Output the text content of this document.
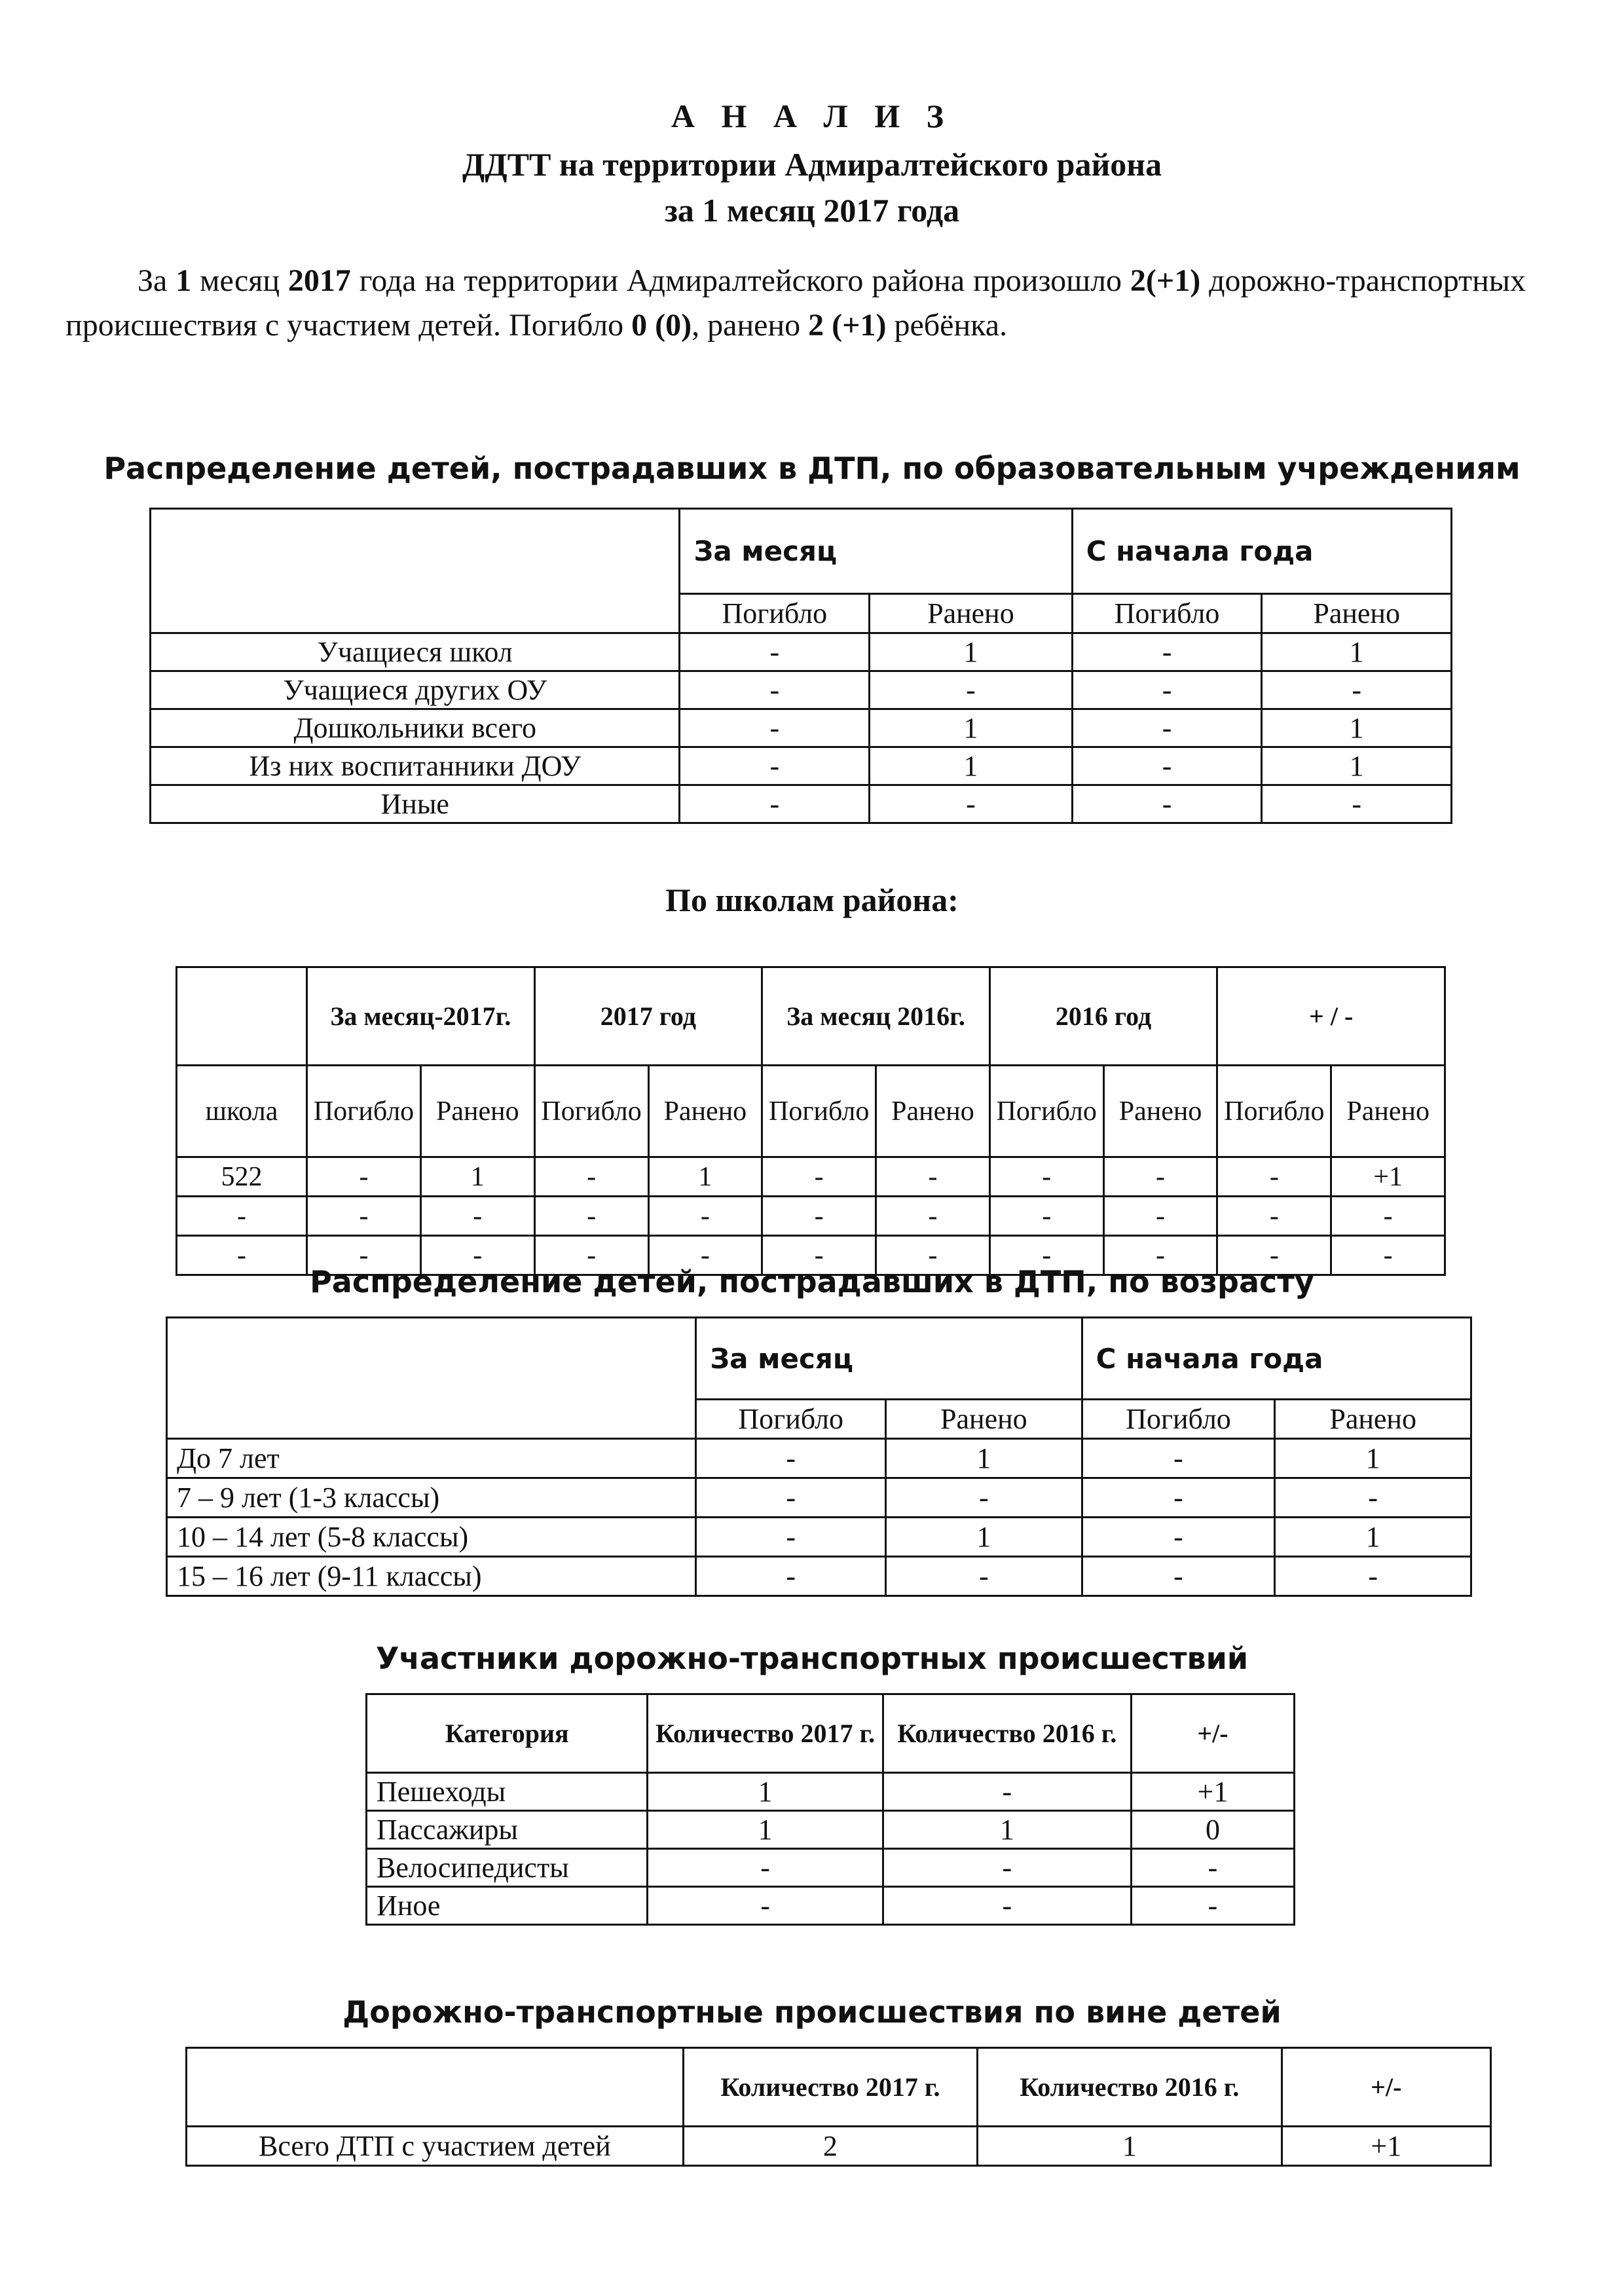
А Н А Л И З
ДДТТ на территории Адмиралтейского района
за 1 месяц 2017 года
За 1 месяц 2017 года на территории Адмиралтейского района произошло 2(+1) дорожно-транспортных происшествия с участием детей. Погибло 0 (0), ранено 2 (+1) ребёнка.
Распределение детей, пострадавших в ДТП, по образовательным учреждениям
	За месяц		С начала года	
	Погибло	Ранено	Погибло	Ранено
Учащиеся школ	-	1	-	1
Учащиеся других ОУ	-	-	-	-
Дошкольники всего	-	1	-	1
Из них воспитанники ДОУ	-	1	-	1
Иные	-	-	-	-
По школам района:
	За месяц-2017г.		2017 год		За месяц 2016г.		2016 год		+ / -	
школа	Погибло	Ранено	Погибло	Ранено	Погибло	Ранено	Погибло	Ранено	Погибло	Ранено
522	-	1	-	1	-	-	-	-	-	+1
-	-	-	-	-	-	-	-	-	-	-
-	-	-	-	-	-	-	-	-	-	-
Распределение детей, пострадавших в ДТП, по возрасту
	За месяц		С начала года	
	Погибло	Ранено	Погибло	Ранено
До 7 лет	-	1	-	1
7 – 9 лет (1-3 классы)	-	-	-	-
10 – 14 лет (5-8 классы)	-	1	-	1
15 – 16 лет (9-11 классы)	-	-	-	-
Участники дорожно-транспортных происшествий
Категория	Количество 2017 г.	Количество 2016 г.	+/-
Пешеходы	1	-	+1
Пассажиры	1	1	0
Велосипедисты	-	-	-
Иное	-	-	-
Дорожно-транспортные происшествия по вине детей
	Количество 2017 г.	Количество 2016 г.	+/-
Всего ДТП с участием детей	2	1	+1
